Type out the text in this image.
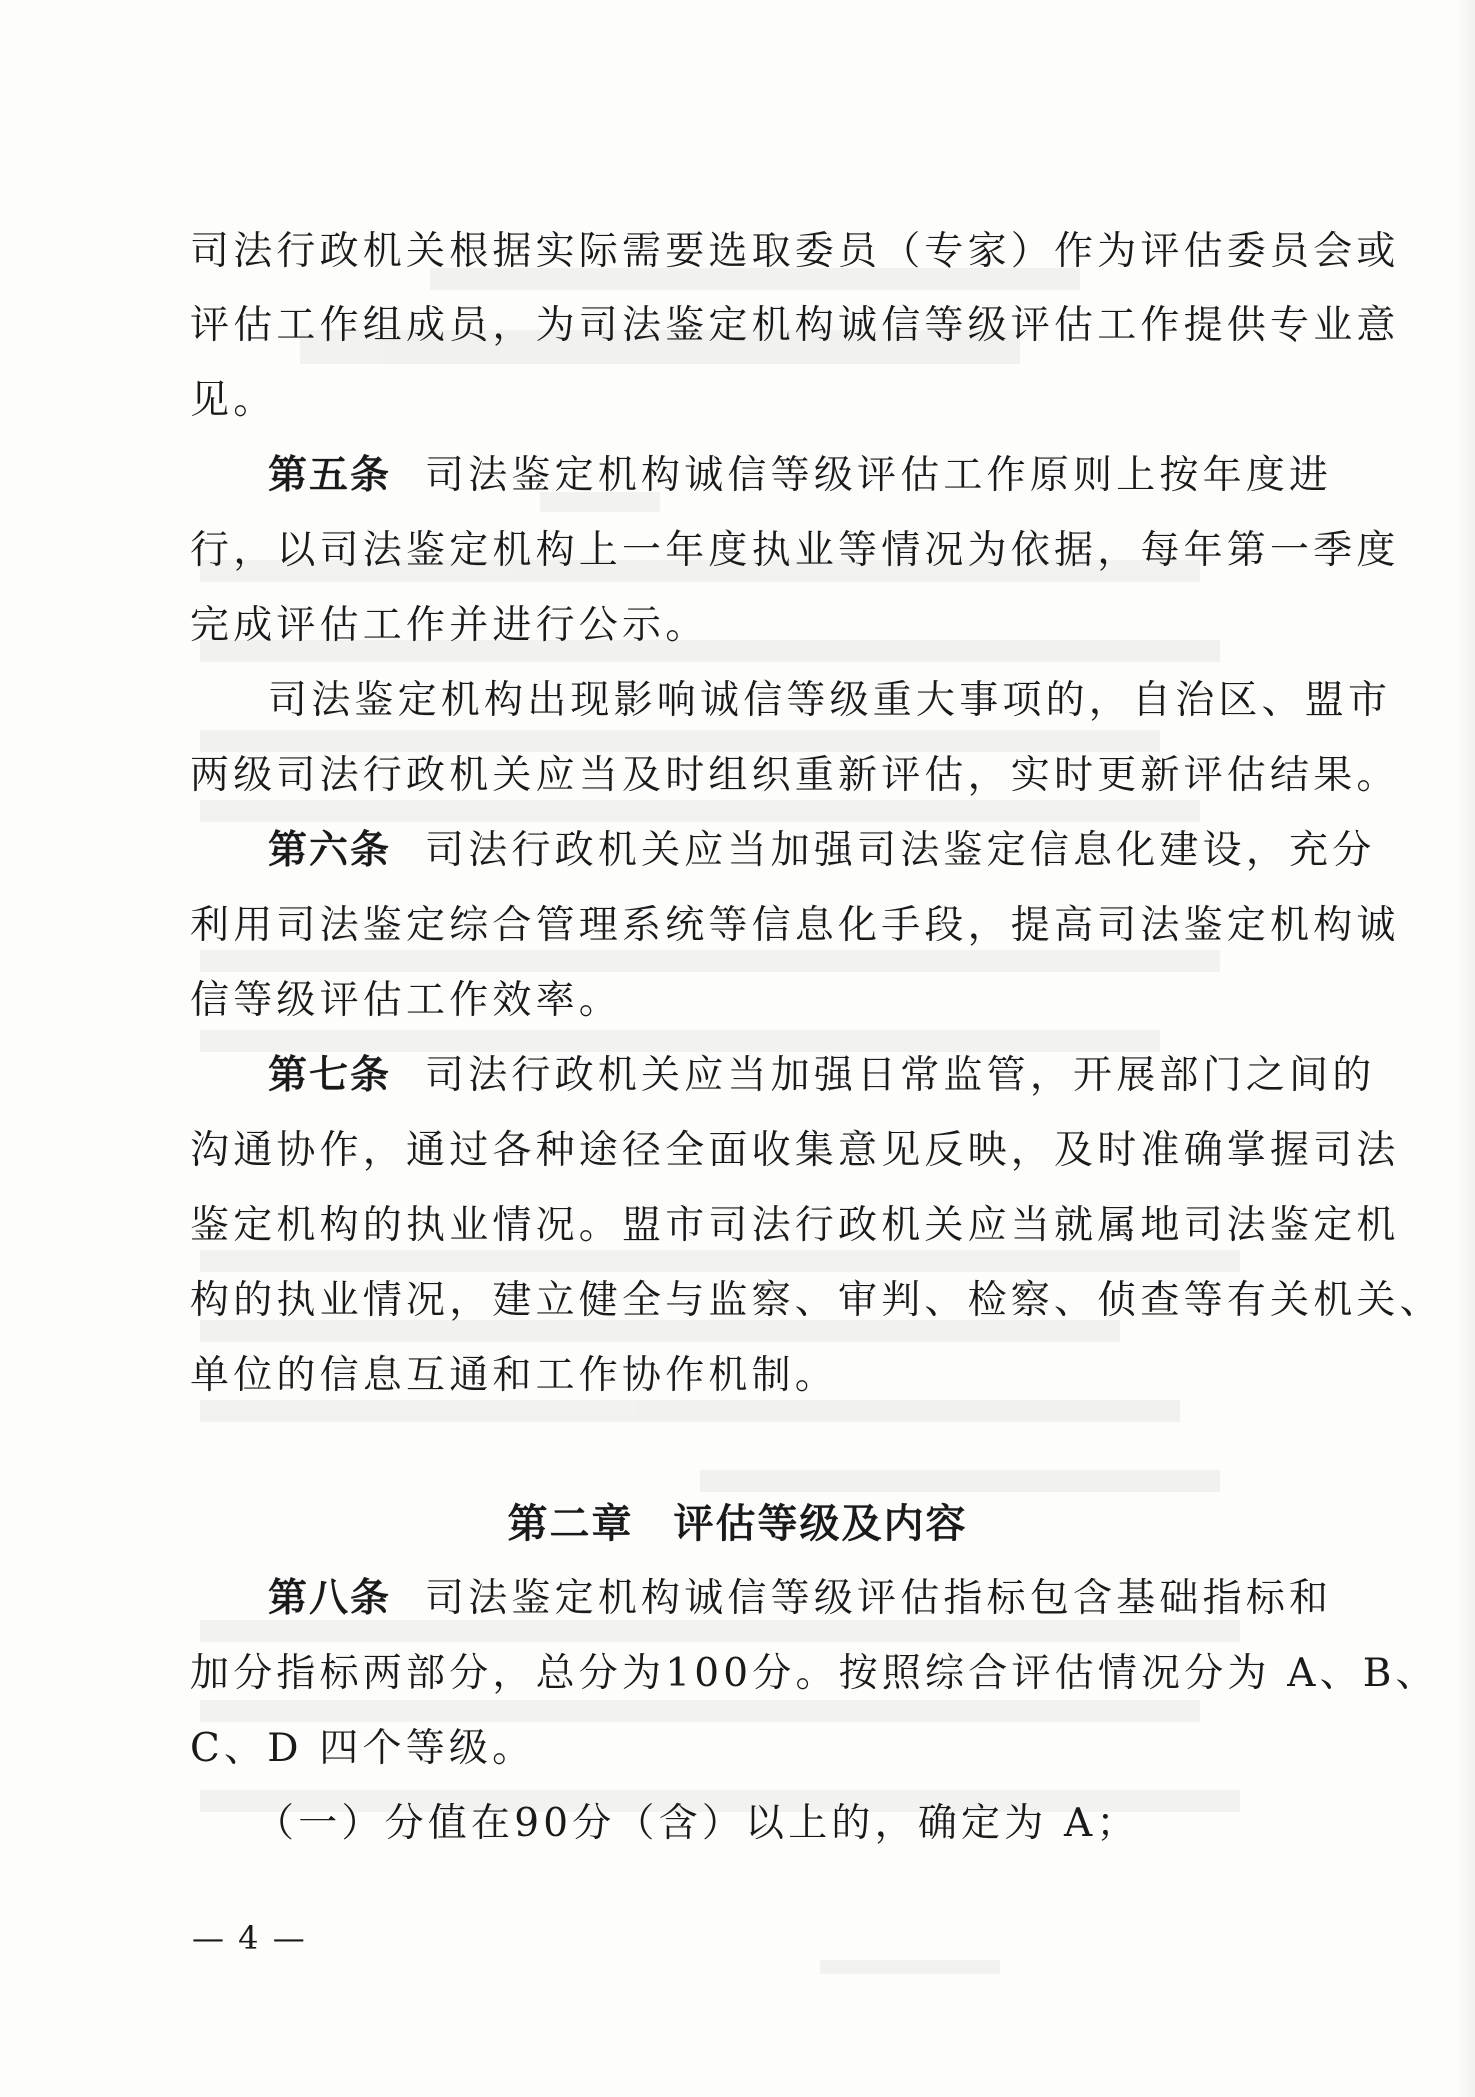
司法行政机关根据实际需要选取委员（专家）作为评估委员会或
评估工作组成员，为司法鉴定机构诚信等级评估工作提供专业意
见。
第五条 司法鉴定机构诚信等级评估工作原则上按年度进
行，以司法鉴定机构上一年度执业等情况为依据，每年第一季度
完成评估工作并进行公示。
司法鉴定机构出现影响诚信等级重大事项的，自治区、盟市
两级司法行政机关应当及时组织重新评估，实时更新评估结果。
第六条 司法行政机关应当加强司法鉴定信息化建设，充分
利用司法鉴定综合管理系统等信息化手段，提高司法鉴定机构诚
信等级评估工作效率。
第七条 司法行政机关应当加强日常监管，开展部门之间的
沟通协作，通过各种途径全面收集意见反映，及时准确掌握司法
鉴定机构的执业情况。盟市司法行政机关应当就属地司法鉴定机
构的执业情况，建立健全与监察、审判、检察、侦查等有关机关、
单位的信息互通和工作协作机制。
第二章 评估等级及内容
第八条 司法鉴定机构诚信等级评估指标包含基础指标和
加分指标两部分，总分为100分。按照综合评估情况分为 A、B、
C、D 四个等级。
（一）分值在90分（含）以上的，确定为 A；
— 4 —
